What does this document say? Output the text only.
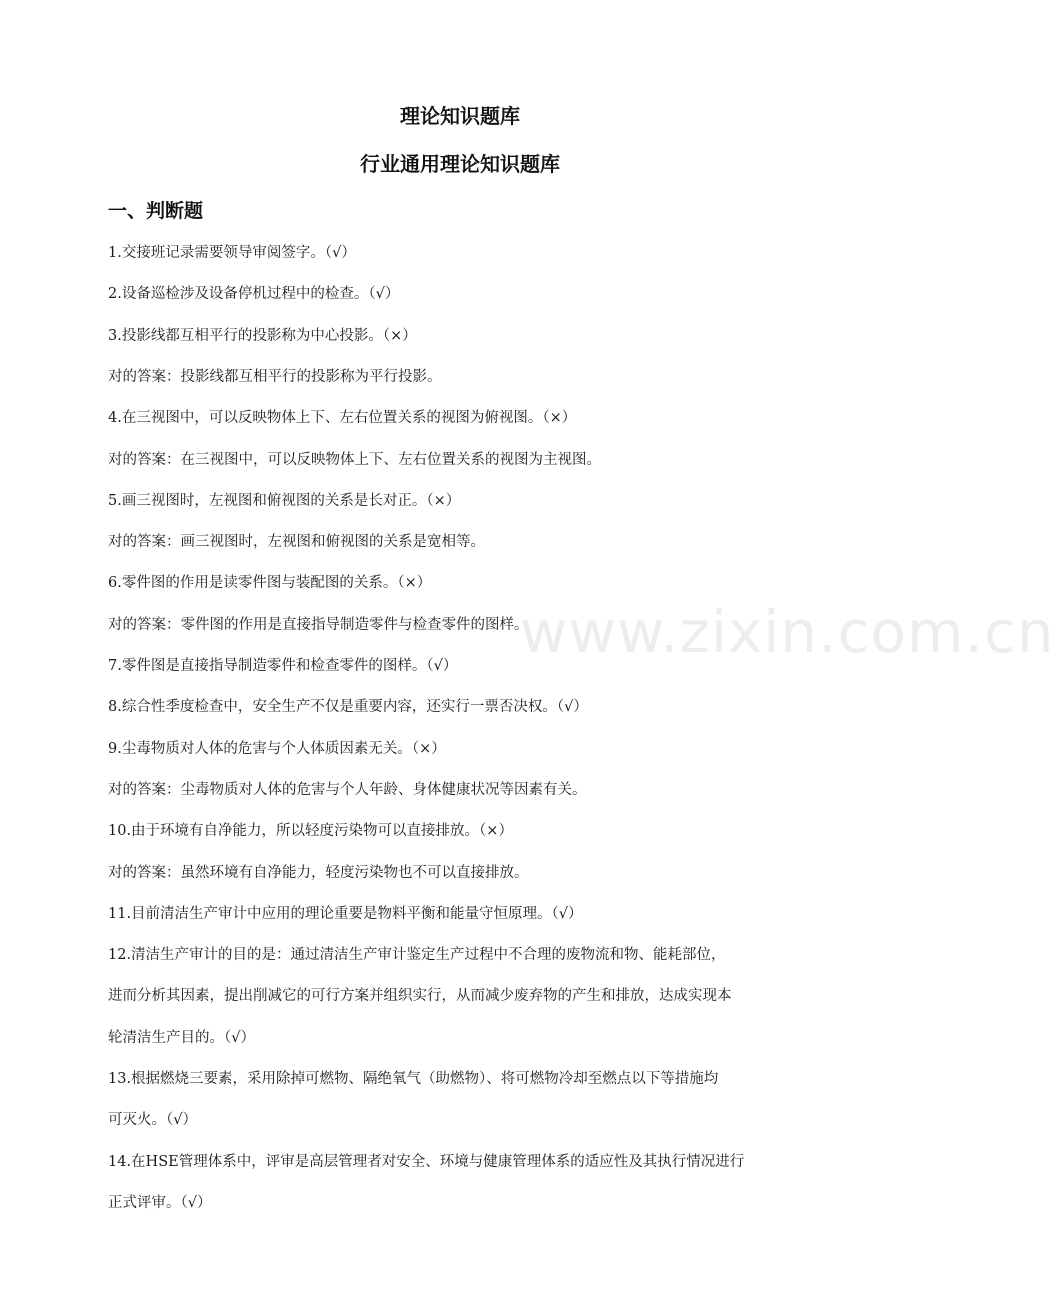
理论知识题库
行业通用理论知识题库
一、判断题
1.交接班记录需要领导审阅签字。（√）
2.设备巡检涉及设备停机过程中的检查。（√）
3.投影线都互相平行的投影称为中心投影。（×）
对的答案：投影线都互相平行的投影称为平行投影。
4.在三视图中，可以反映物体上下、左右位置关系的视图为俯视图。（×）
对的答案：在三视图中，可以反映物体上下、左右位置关系的视图为主视图。
5.画三视图时，左视图和俯视图的关系是长对正。（×）
对的答案：画三视图时，左视图和俯视图的关系是宽相等。
6.零件图的作用是读零件图与装配图的关系。（×）
对的答案：零件图的作用是直接指导制造零件与检查零件的图样。
7.零件图是直接指导制造零件和检查零件的图样。（√）
8.综合性季度检查中，安全生产不仅是重要内容，还实行一票否决权。（√）
9.尘毒物质对人体的危害与个人体质因素无关。（×）
对的答案：尘毒物质对人体的危害与个人年龄、身体健康状况等因素有关。
10.由于环境有自净能力，所以轻度污染物可以直接排放。（×）
对的答案：虽然环境有自净能力，轻度污染物也不可以直接排放。
11.目前清洁生产审计中应用的理论重要是物料平衡和能量守恒原理。（√）
12.清洁生产审计的目的是：通过清洁生产审计鉴定生产过程中不合理的废物流和物、能耗部位，
进而分析其因素，提出削减它的可行方案并组织实行，从而减少废弃物的产生和排放，达成实现本
轮清洁生产目的。（√）
13.根据燃烧三要素，采用除掉可燃物、隔绝氧气（助燃物）、将可燃物冷却至燃点以下等措施均
可灭火。（√）
14.在HSE管理体系中，评审是高层管理者对安全、环境与健康管理体系的适应性及其执行情况进行
正式评审。（√）
www.zixin.com.cn
